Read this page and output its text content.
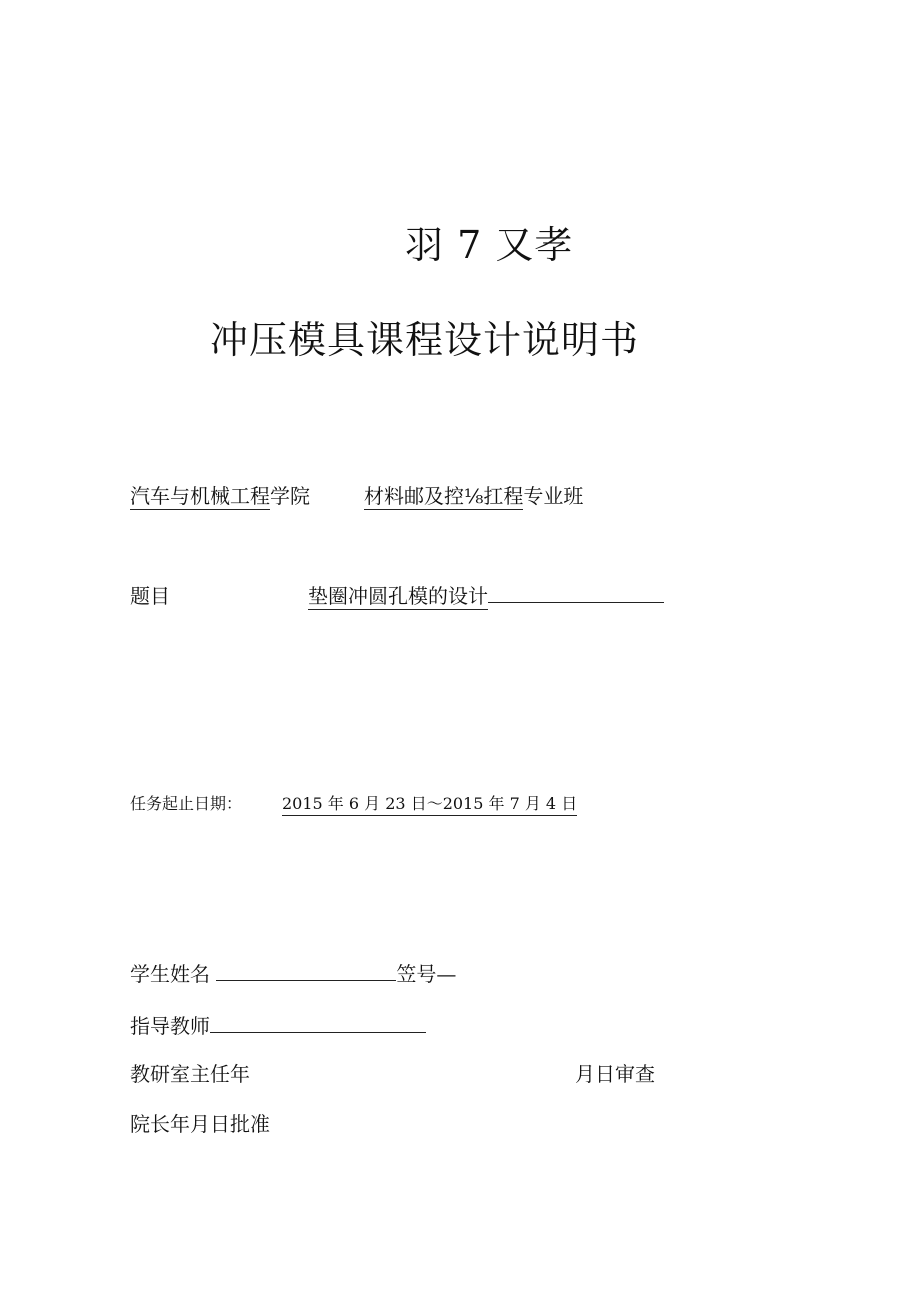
羽 7 又孝
冲压模具课程设计说明书
汽车与机械工程学院	材料邮及控⅛扛程专业班
题目	垫圈冲圆孔模的设计
任务起止日期： 2015 年 6 月 23 日～2015 年 7 月 4 日
学生姓名	笠号—
指导教师
教研室主任年	月日审查
院长年月日批准
